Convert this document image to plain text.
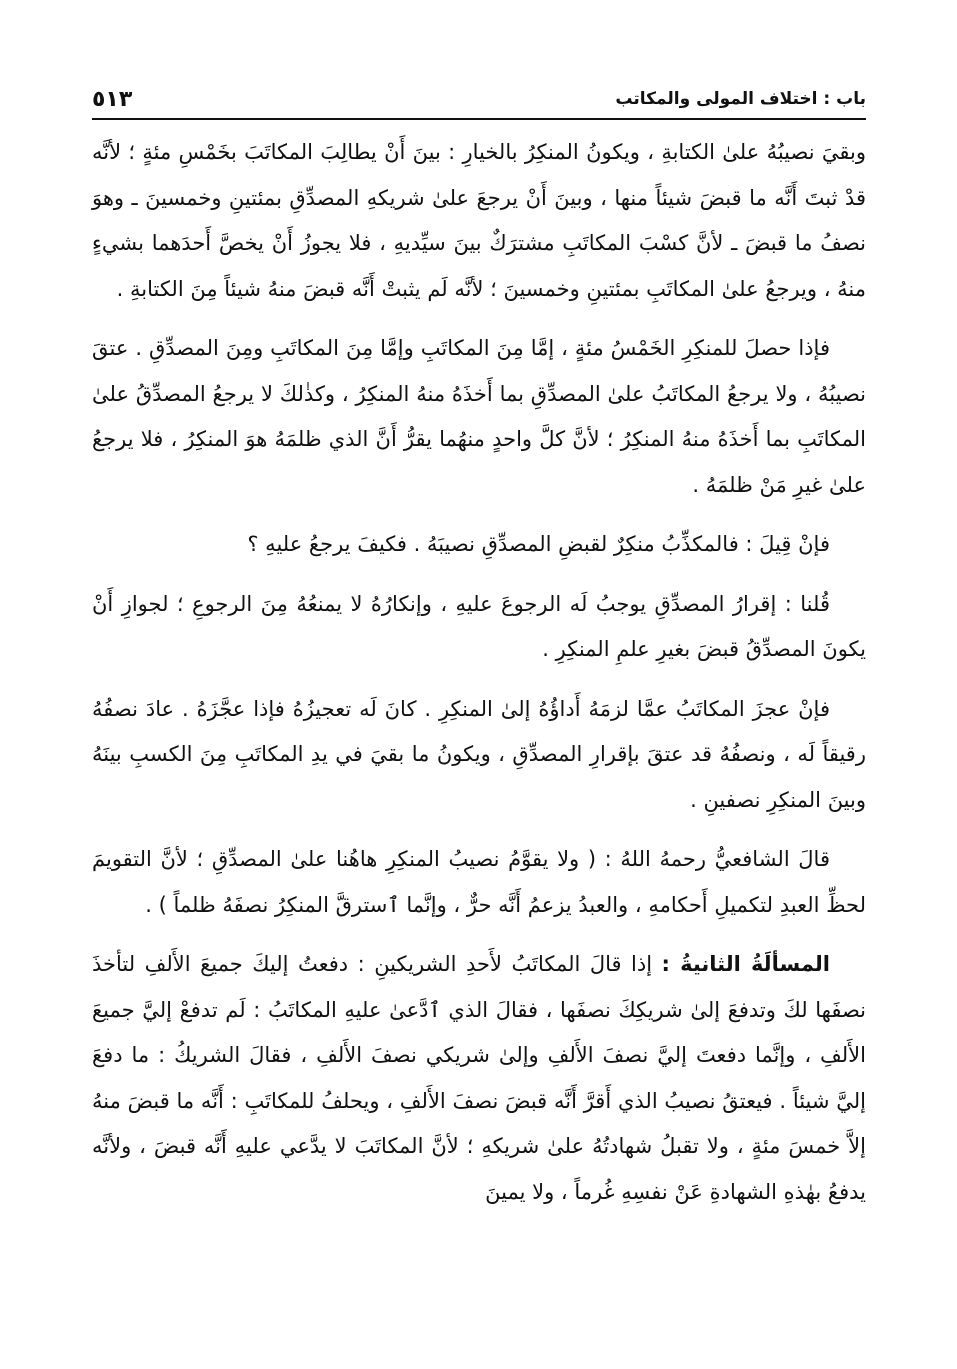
باب : اختلاف المولى والمكاتب
٥١٣

وبقيَ نصيبُهُ علىٰ الكتابةِ ، ويكونُ المنكِرُ بالخيارِ : بينَ أَنْ يطالِبَ المكاتَبَ بخَمْسِ مئةٍ ؛ لأنَّه قدْ ثبتَ أَنَّه ما قبضَ شيئاً منها ، وبينَ أَنْ يرجعَ علىٰ شريكهِ المصدِّقِ بمئتينِ وخمسينَ ـ وهوَ نصفُ ما قبضَ ـ لأنَّ كسْبَ المكاتَبِ مشترَكٌ بينَ سيِّديهِ ، فلا يجوزُ أَنْ يخصَّ أَحدَهما بشيءٍ منهُ ، ويرجعُ علىٰ المكاتَبِ بمئتينِ وخمسينَ ؛ لأنَّه لَم يثبتْ أَنَّه قبضَ منهُ شيئاً مِنَ الكتابةِ .

فإذا حصلَ للمنكِرِ الخَمْسُ مئةٍ ، إمَّا مِنَ المكاتَبِ وإمَّا مِنَ المكاتَبِ ومِنَ المصدِّقِ . عتقَ نصيبُهُ ، ولا يرجعُ المكاتَبُ علىٰ المصدِّقِ بما أَخذَهُ منهُ المنكِرُ ، وكذٰلكَ لا يرجعُ المصدِّقُ علىٰ المكاتَبِ بما أَخذَهُ منهُ المنكِرُ ؛ لأنَّ كلَّ واحدٍ منهُما يقرُّ أَنَّ الذي ظلمَهُ هوَ المنكِرُ ، فلا يرجعُ علىٰ غيرِ مَنْ ظلمَهُ .

فإنْ قِيلَ : فالمكذِّبُ منكِرٌ لقبضِ المصدِّقِ نصيبَهُ . فكيفَ يرجعُ عليهِ ؟

قُلنا : إقرارُ المصدِّقِ يوجبُ لَه الرجوعَ عليهِ ، وإنكارُهُ لا يمنعُهُ مِنَ الرجوعِ ؛ لجوازِ أَنْ يكونَ المصدِّقُ قبضَ بغيرِ علمِ المنكِرِ .

فإنْ عجزَ المكاتَبُ عمَّا لزمَهُ أَداؤُهُ إلىٰ المنكِرِ . كانَ لَه تعجيزُهُ فإذا عجَّزَهُ . عادَ نصفُهُ رقيقاً لَه ، ونصفُهُ قد عتقَ بإقرارِ المصدِّقِ ، ويكونُ ما بقيَ في يدِ المكاتَبِ مِنَ الكسبِ بينَهُ وبينَ المنكِرِ نصفينِ .

قالَ الشافعيُّ رحمهُ اللهُ : ( ولا يقوَّمُ نصيبُ المنكِرِ هاهُنا علىٰ المصدِّقِ ؛ لأنَّ التقويمَ لحظِّ العبدِ لتكميلِ أَحكامهِ ، والعبدُ يزعمُ أَنَّه حرٌّ ، وإنَّما ٱسترقَّ المنكِرُ نصفَهُ ظلماً ) .

المسألَةُ الثانيةُ : إذا قالَ المكاتَبُ لأَحدِ الشريكينِ : دفعتُ إليكَ جميعَ الأَلفِ لتأخذَ نصفَها لكَ وتدفعَ إلىٰ شريكِكَ نصفَها ، فقالَ الذي ٱدَّعىٰ عليهِ المكاتَبُ : لَم تدفعْ إليَّ جميعَ الأَلفِ ، وإنَّما دفعتَ إليَّ نصفَ الأَلفِ وإلىٰ شريكي نصفَ الأَلفِ ، فقالَ الشريكُ : ما دفعَ إليَّ شيئاً . فيعتقُ نصيبُ الذي أَقرَّ أَنَّه قبضَ نصفَ الأَلفِ ، ويحلفُ للمكاتَبِ : أَنَّه ما قبضَ منهُ إلاَّ خمسَ مئةٍ ، ولا تقبلُ شهادتُهُ علىٰ شريكهِ ؛ لأنَّ المكاتَبَ لا يدَّعي عليهِ أَنَّه قبضَ ، ولأنَّه يدفعُ بهٰذهِ الشهادةِ عَنْ نفسِهِ غُرماً ، ولا يمينَ
